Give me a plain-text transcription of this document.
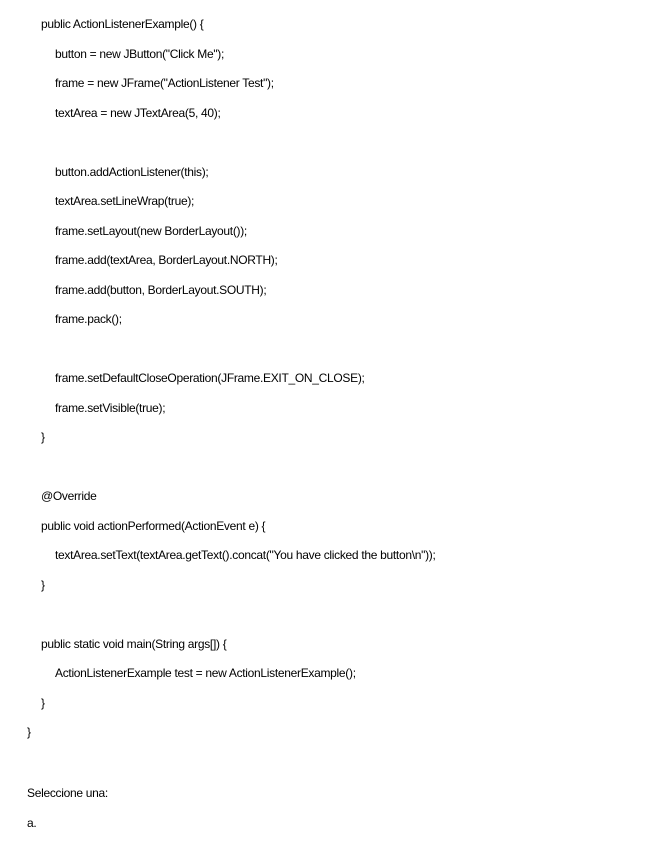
public ActionListenerExample() {
button = new JButton("Click Me");
frame = new JFrame("ActionListener Test");
textArea = new JTextArea(5, 40);
button.addActionListener(this);
textArea.setLineWrap(true);
frame.setLayout(new BorderLayout());
frame.add(textArea, BorderLayout.NORTH);
frame.add(button, BorderLayout.SOUTH);
frame.pack();
frame.setDefaultCloseOperation(JFrame.EXIT_ON_CLOSE);
frame.setVisible(true);
}
@Override
public void actionPerformed(ActionEvent e) {
textArea.setText(textArea.getText().concat("You have clicked the button\n"));
}
public static void main(String args[]) {
ActionListenerExample test = new ActionListenerExample();
}
}
Seleccione una:
a.
